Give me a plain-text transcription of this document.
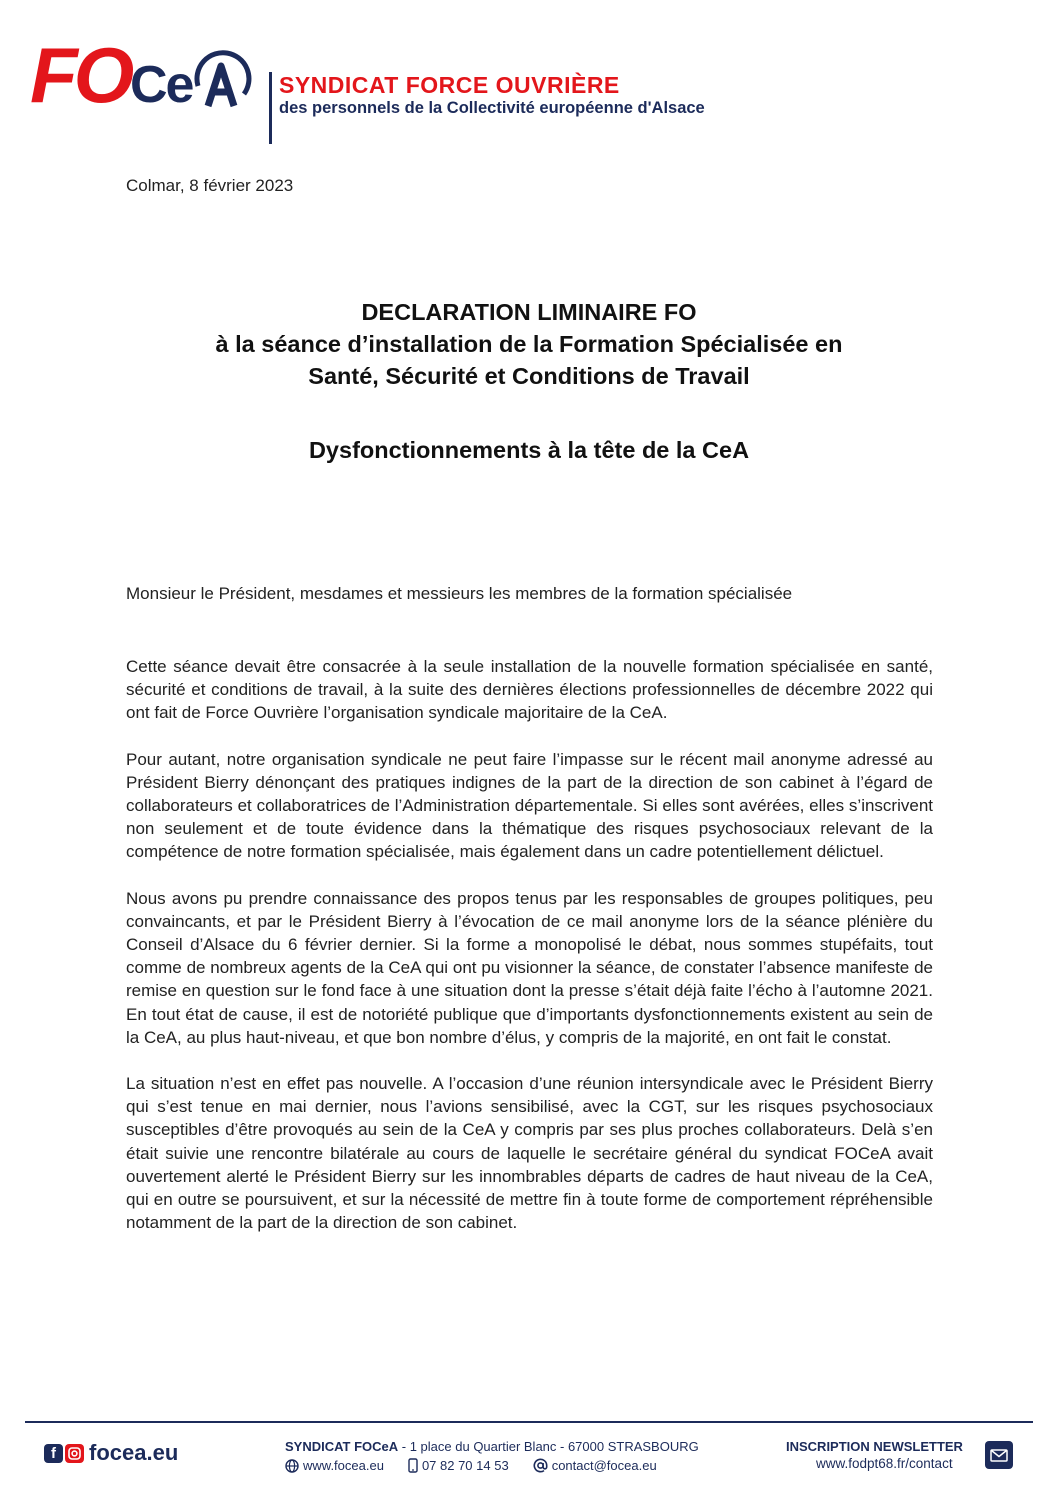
FO Ce	SYNDICAT FORCE OUVRIÈRE
des personnels de la Collectivité européenne d'Alsace
Colmar, 8 février 2023
DECLARATION LIMINAIRE FO
à la séance d’installation de la Formation Spécialisée en
Santé, Sécurité et Conditions de Travail
Dysfonctionnements à la tête de la CeA
Monsieur le Président, mesdames et messieurs les membres de la formation spécialisée

Cette séance devait être consacrée à la seule installation de la nouvelle formation spécialisée en santé, sécurité et conditions de travail, à la suite des dernières élections professionnelles de décembre 2022 qui ont fait de Force Ouvrière l’organisation syndicale majoritaire de la CeA.

Pour autant, notre organisation syndicale ne peut faire l’impasse sur le récent mail anonyme adressé au Président Bierry dénonçant des pratiques indignes de la part de la direction de son cabinet à l’égard de collaborateurs et collaboratrices de l’Administration départementale. Si elles sont avérées, elles s’inscrivent non seulement et de toute évidence dans la thématique des risques psychosociaux relevant de la compétence de notre formation spécialisée, mais également dans un cadre potentiellement délictuel.

Nous avons pu prendre connaissance des propos tenus par les responsables de groupes politiques, peu convaincants, et par le Président Bierry à l’évocation de ce mail anonyme lors de la séance plénière du Conseil d’Alsace du 6 février dernier. Si la forme a monopolisé le débat, nous sommes stupéfaits, tout comme de nombreux agents de la CeA qui ont pu visionner la séance, de constater l’absence manifeste de remise en question sur le fond face à une situation dont la presse s’était déjà faite l’écho à l’automne 2021. En tout état de cause, il est de notoriété publique que d’importants dysfonctionnements existent au sein de la CeA, au plus haut-niveau, et que bon nombre d’élus, y compris de la majorité, en ont fait le constat.

La situation n’est en effet pas nouvelle. A l’occasion d’une réunion intersyndicale avec le Président Bierry qui s’est tenue en mai dernier, nous l’avions sensibilisé, avec la CGT, sur les risques psychosociaux susceptibles d’être provoqués au sein de la CeA y compris par ses plus proches collaborateurs. Delà s’en était suivie une rencontre bilatérale au cours de laquelle le secrétaire général du syndicat FOCeA avait ouvertement alerté le Président Bierry sur les innombrables départs de cadres de haut niveau de la CeA, qui en outre se poursuivent, et sur la nécessité de mettre fin à toute forme de comportement répréhensible notamment de la part de la direction de son cabinet.

f	focea.eu	SYNDICAT FOCeA - 1 place du Quartier Blanc - 67000 STRASBOURG
www.focea.eu	07 82 70 14 53	contact@focea.eu
INSCRIPTION NEWSLETTER
www.fodpt68.fr/contact
